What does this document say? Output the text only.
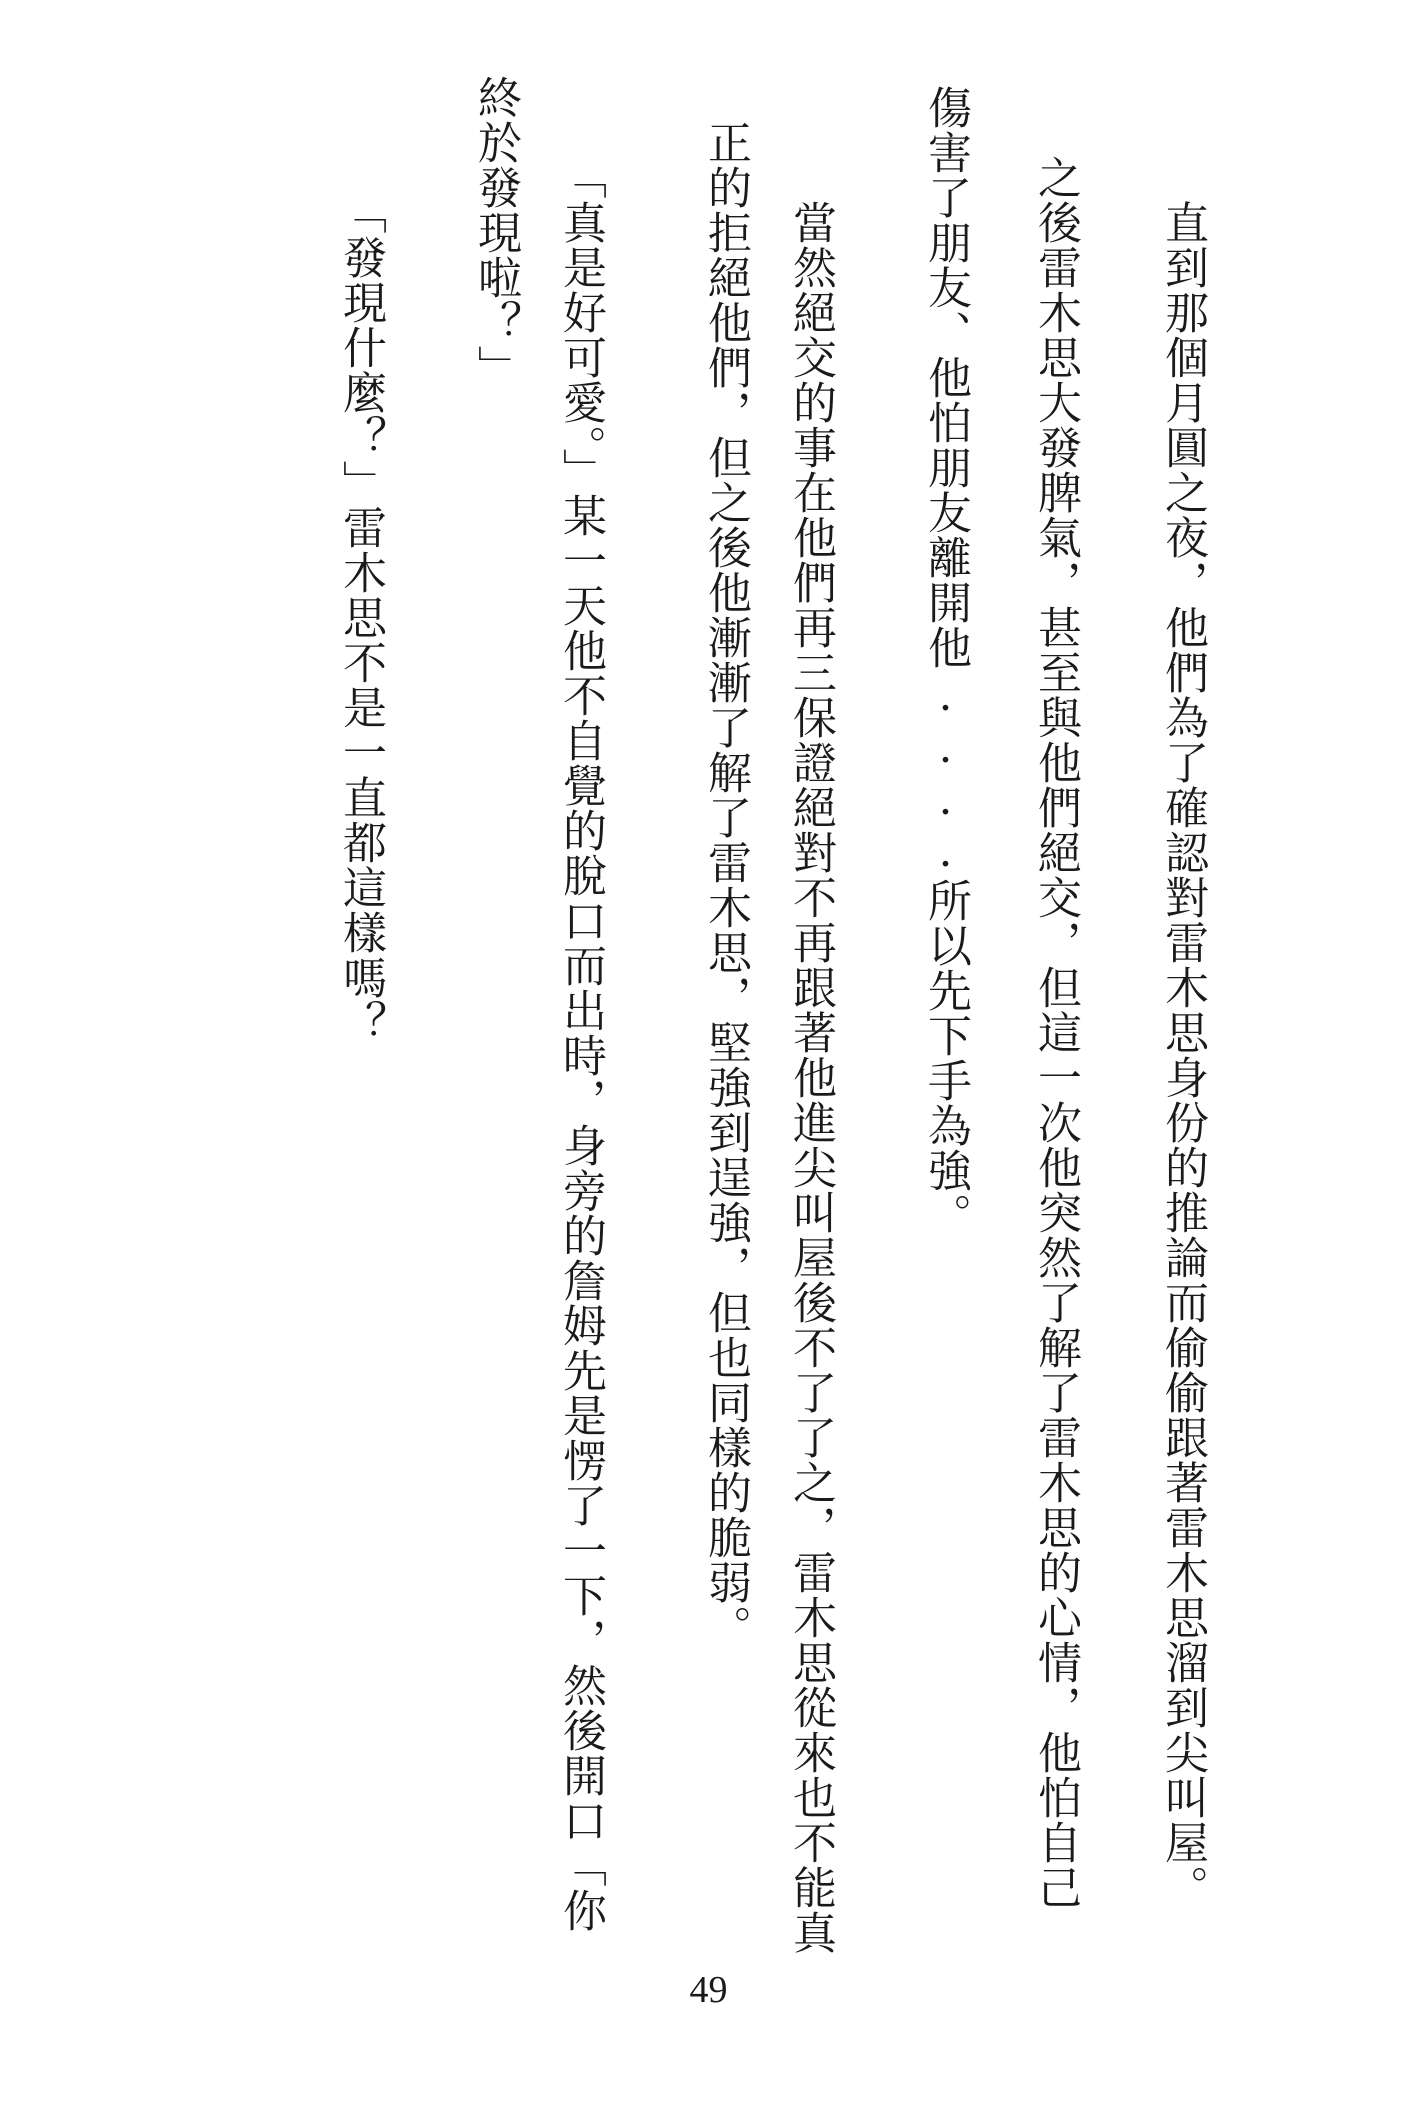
　直到那個月圓之夜，他們為了確認對雷木思身份的推論而偷偷跟著雷木思溜到尖叫屋。

之後雷木思大發脾氣，甚至與他們絕交，但這一次他突然了解了雷木思的心情，他怕自己

傷害了朋友、他怕朋友離開他....所以先下手為強。

　當然絕交的事在他們再三保證絕對不再跟著他進尖叫屋後不了了之，雷木思從來也不能真

正的拒絕他們，但之後他漸漸了解了雷木思，堅強到逞強，但也同樣的脆弱。

「真是好可愛。」某一天他不自覺的脫口而出時，身旁的詹姆先是愣了一下，然後開口「你

終於發現啦？」

「發現什麼？」雷木思不是一直都這樣嗎？

49
